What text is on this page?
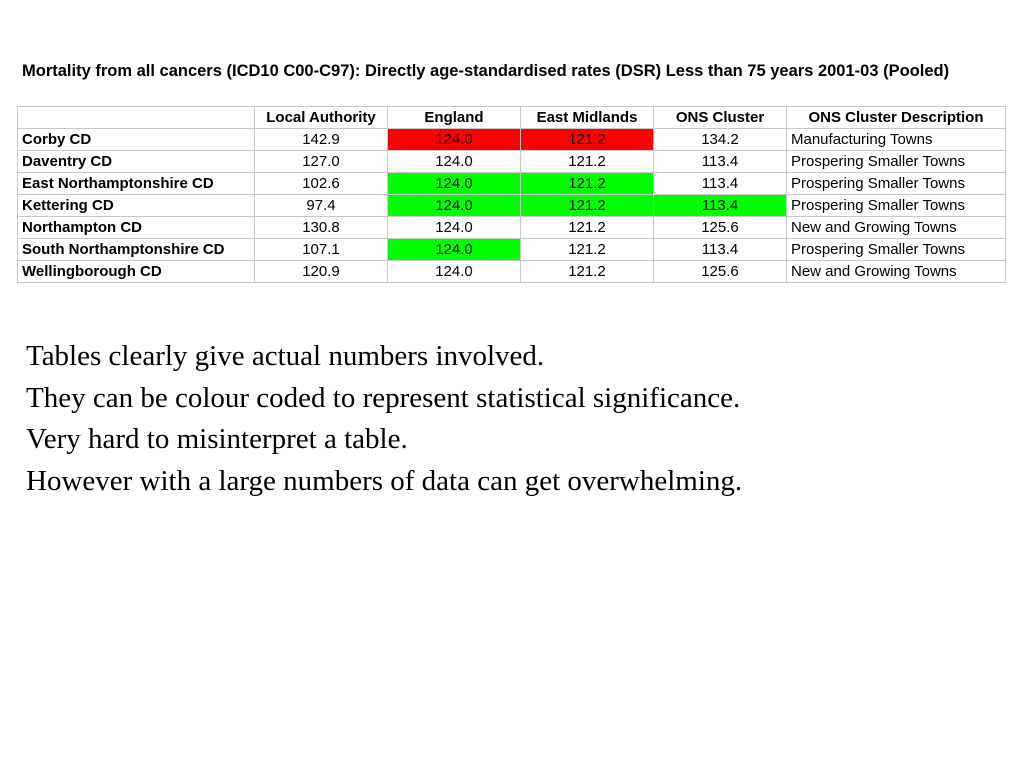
Mortality from all cancers (ICD10 C00-C97): Directly age-standardised rates (DSR) Less than 75 years 2001-03 (Pooled)

	Local Authority	England	East Midlands	ONS Cluster	ONS Cluster Description
Corby CD	142.9	124.0	121.2	134.2	Manufacturing Towns
Daventry CD	127.0	124.0	121.2	113.4	Prospering Smaller Towns
East Northamptonshire CD	102.6	124.0	121.2	113.4	Prospering Smaller Towns
Kettering CD	97.4	124.0	121.2	113.4	Prospering Smaller Towns
Northampton CD	130.8	124.0	121.2	125.6	New and Growing Towns
South Northamptonshire CD	107.1	124.0	121.2	113.4	Prospering Smaller Towns
Wellingborough CD	120.9	124.0	121.2	125.6	New and Growing Towns
Tables clearly give actual numbers involved.
They can be colour coded to represent statistical significance.
Very hard to misinterpret a table.
However with a large numbers of data can get overwhelming.
